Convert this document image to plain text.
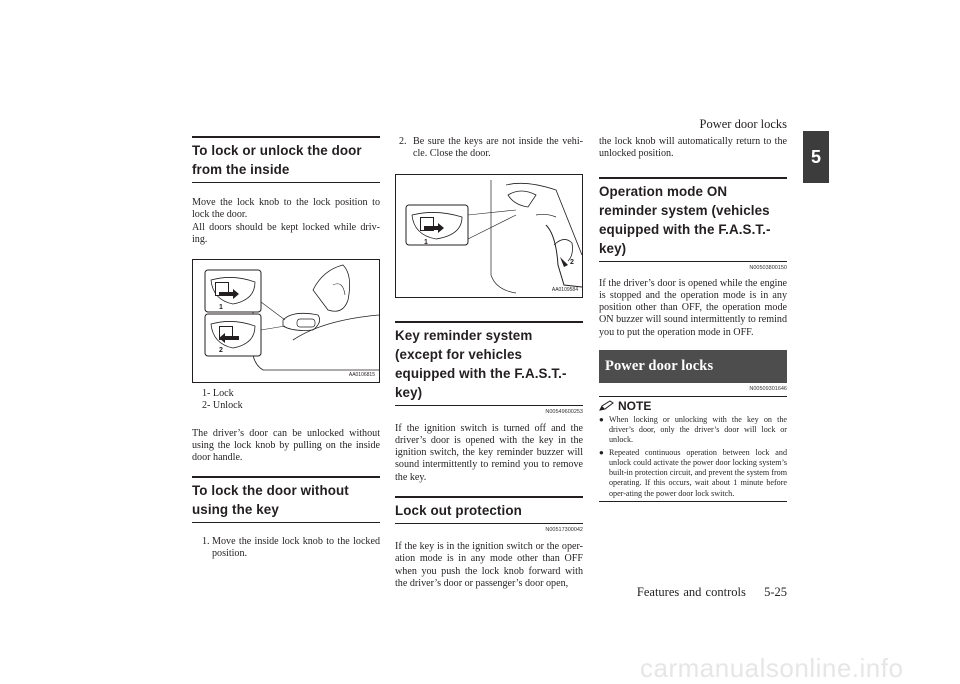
Power door locks
5
To lock or unlock the door from the inside

Move the lock knob to the lock position to lock the door.

All doors should be kept locked while driv-ing.

1
2
AA0106815
1- Lock
2- Unlock

The driver’s door can be unlocked without using the lock knob by pulling on the inside door handle.

To lock the door without using the key
1. Move the inside lock knob to the locked position.
2. Be sure the keys are not inside the vehi-cle. Close the door.
1
2
AA0109584
Key reminder system (except for vehicles equipped with the F.A.S.T.-key)
N00549600253

If the ignition switch is turned off and the driver’s door is opened with the key in the ignition switch, the key reminder buzzer will sound intermittently to remind you to remove the key.

Lock out protection
N00517300042

If the key is in the ignition switch or the oper-ation mode is in any mode other than OFF when you push the lock knob forward with the driver’s door or passenger’s door open,

the lock knob will automatically return to the unlocked position.

Operation mode ON reminder system (vehicles equipped with the F.A.S.T.-key)
N00503800150

If the driver’s door is opened while the engine is stopped and the operation mode is in any position other than OFF, the operation mode ON buzzer will sound intermittently to remind you to put the operation mode in OFF.

Power door locks
N00509301646
NOTE
● When locking or unlocking with the key on the driver’s door, only the driver’s door will lock or unlock.
● Repeated continuous operation between lock and unlock could activate the power door locking system’s built-in protection circuit, and prevent the system from operating. If this occurs, wait about 1 minute before oper-ating the power door lock switch.
Features and controls 5-25
carmanualsonline.info
